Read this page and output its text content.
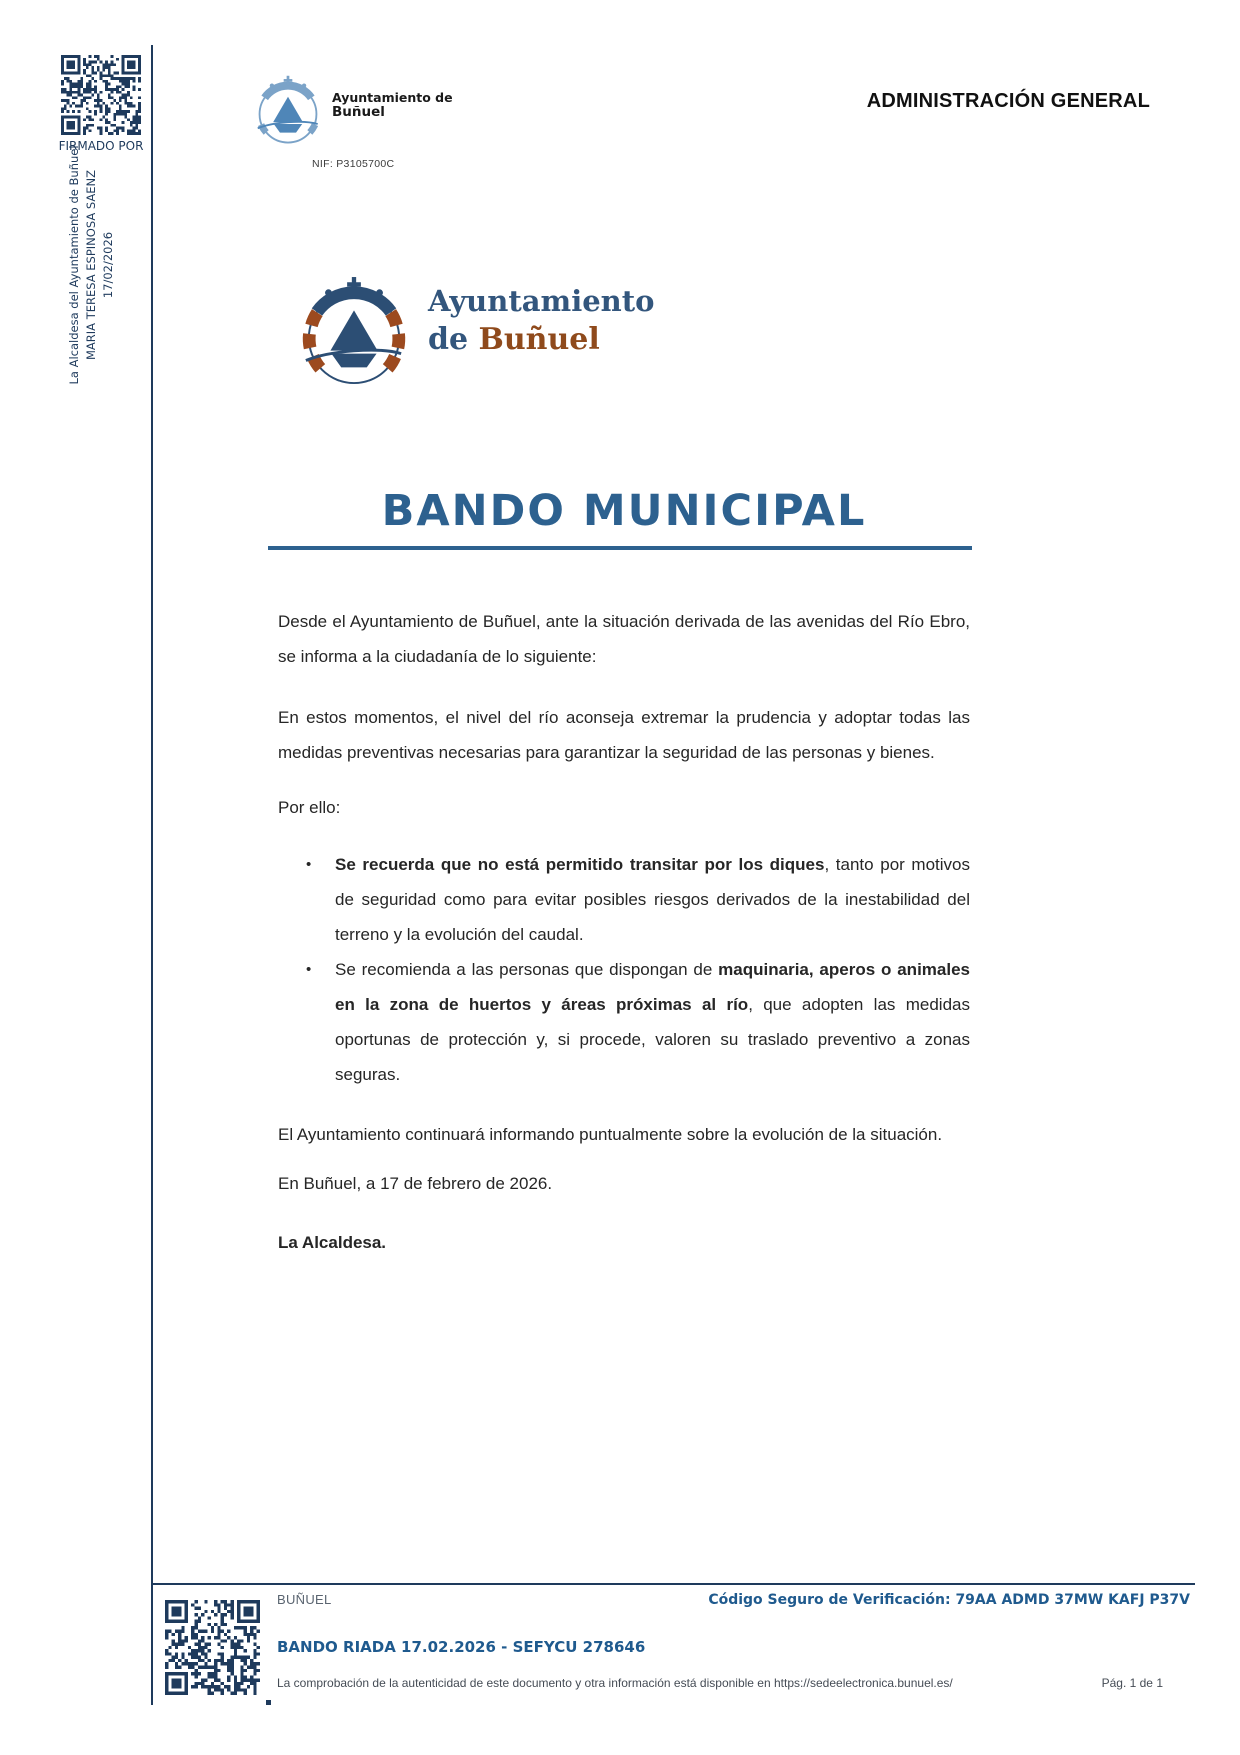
FIRMADO POR
La Alcaldesa del Ayuntamiento de Buñuel MARIA TERESA ESPINOSA SAENZ 17/02/2026
Ayuntamiento de
Buñuel
NIF: P3105700C
ADMINISTRACIÓN GENERAL
Ayuntamiento
de Buñuel
BANDO MUNICIPAL

Desde el Ayuntamiento de Buñuel, ante la situación derivada de las avenidas del Río Ebro, se informa a la ciudadanía de lo siguiente:

En estos momentos, el nivel del río aconseja extremar la prudencia y adoptar todas las medidas preventivas necesarias para garantizar la seguridad de las personas y bienes.

Por ello:

• Se recuerda que no está permitido transitar por los diques, tanto por motivos de seguridad como para evitar posibles riesgos derivados de la inestabilidad del terreno y la evolución del caudal.
• Se recomienda a las personas que dispongan de maquinaria, aperos o animales en la zona de huertos y áreas próximas al río, que adopten las medidas oportunas de protección y, si procede, valoren su traslado preventivo a zonas seguras.

El Ayuntamiento continuará informando puntualmente sobre la evolución de la situación.

En Buñuel, a 17 de febrero de 2026.

La Alcaldesa.

BUÑUEL	Código Seguro de Verificación: 79AA ADMD 37MW KAFJ P37V
BANDO RIADA 17.02.2026 - SEFYCU 278646
La comprobación de la autenticidad de este documento y otra información está disponible en https://sedeelectronica.bunuel.es/	Pág. 1 de 1
